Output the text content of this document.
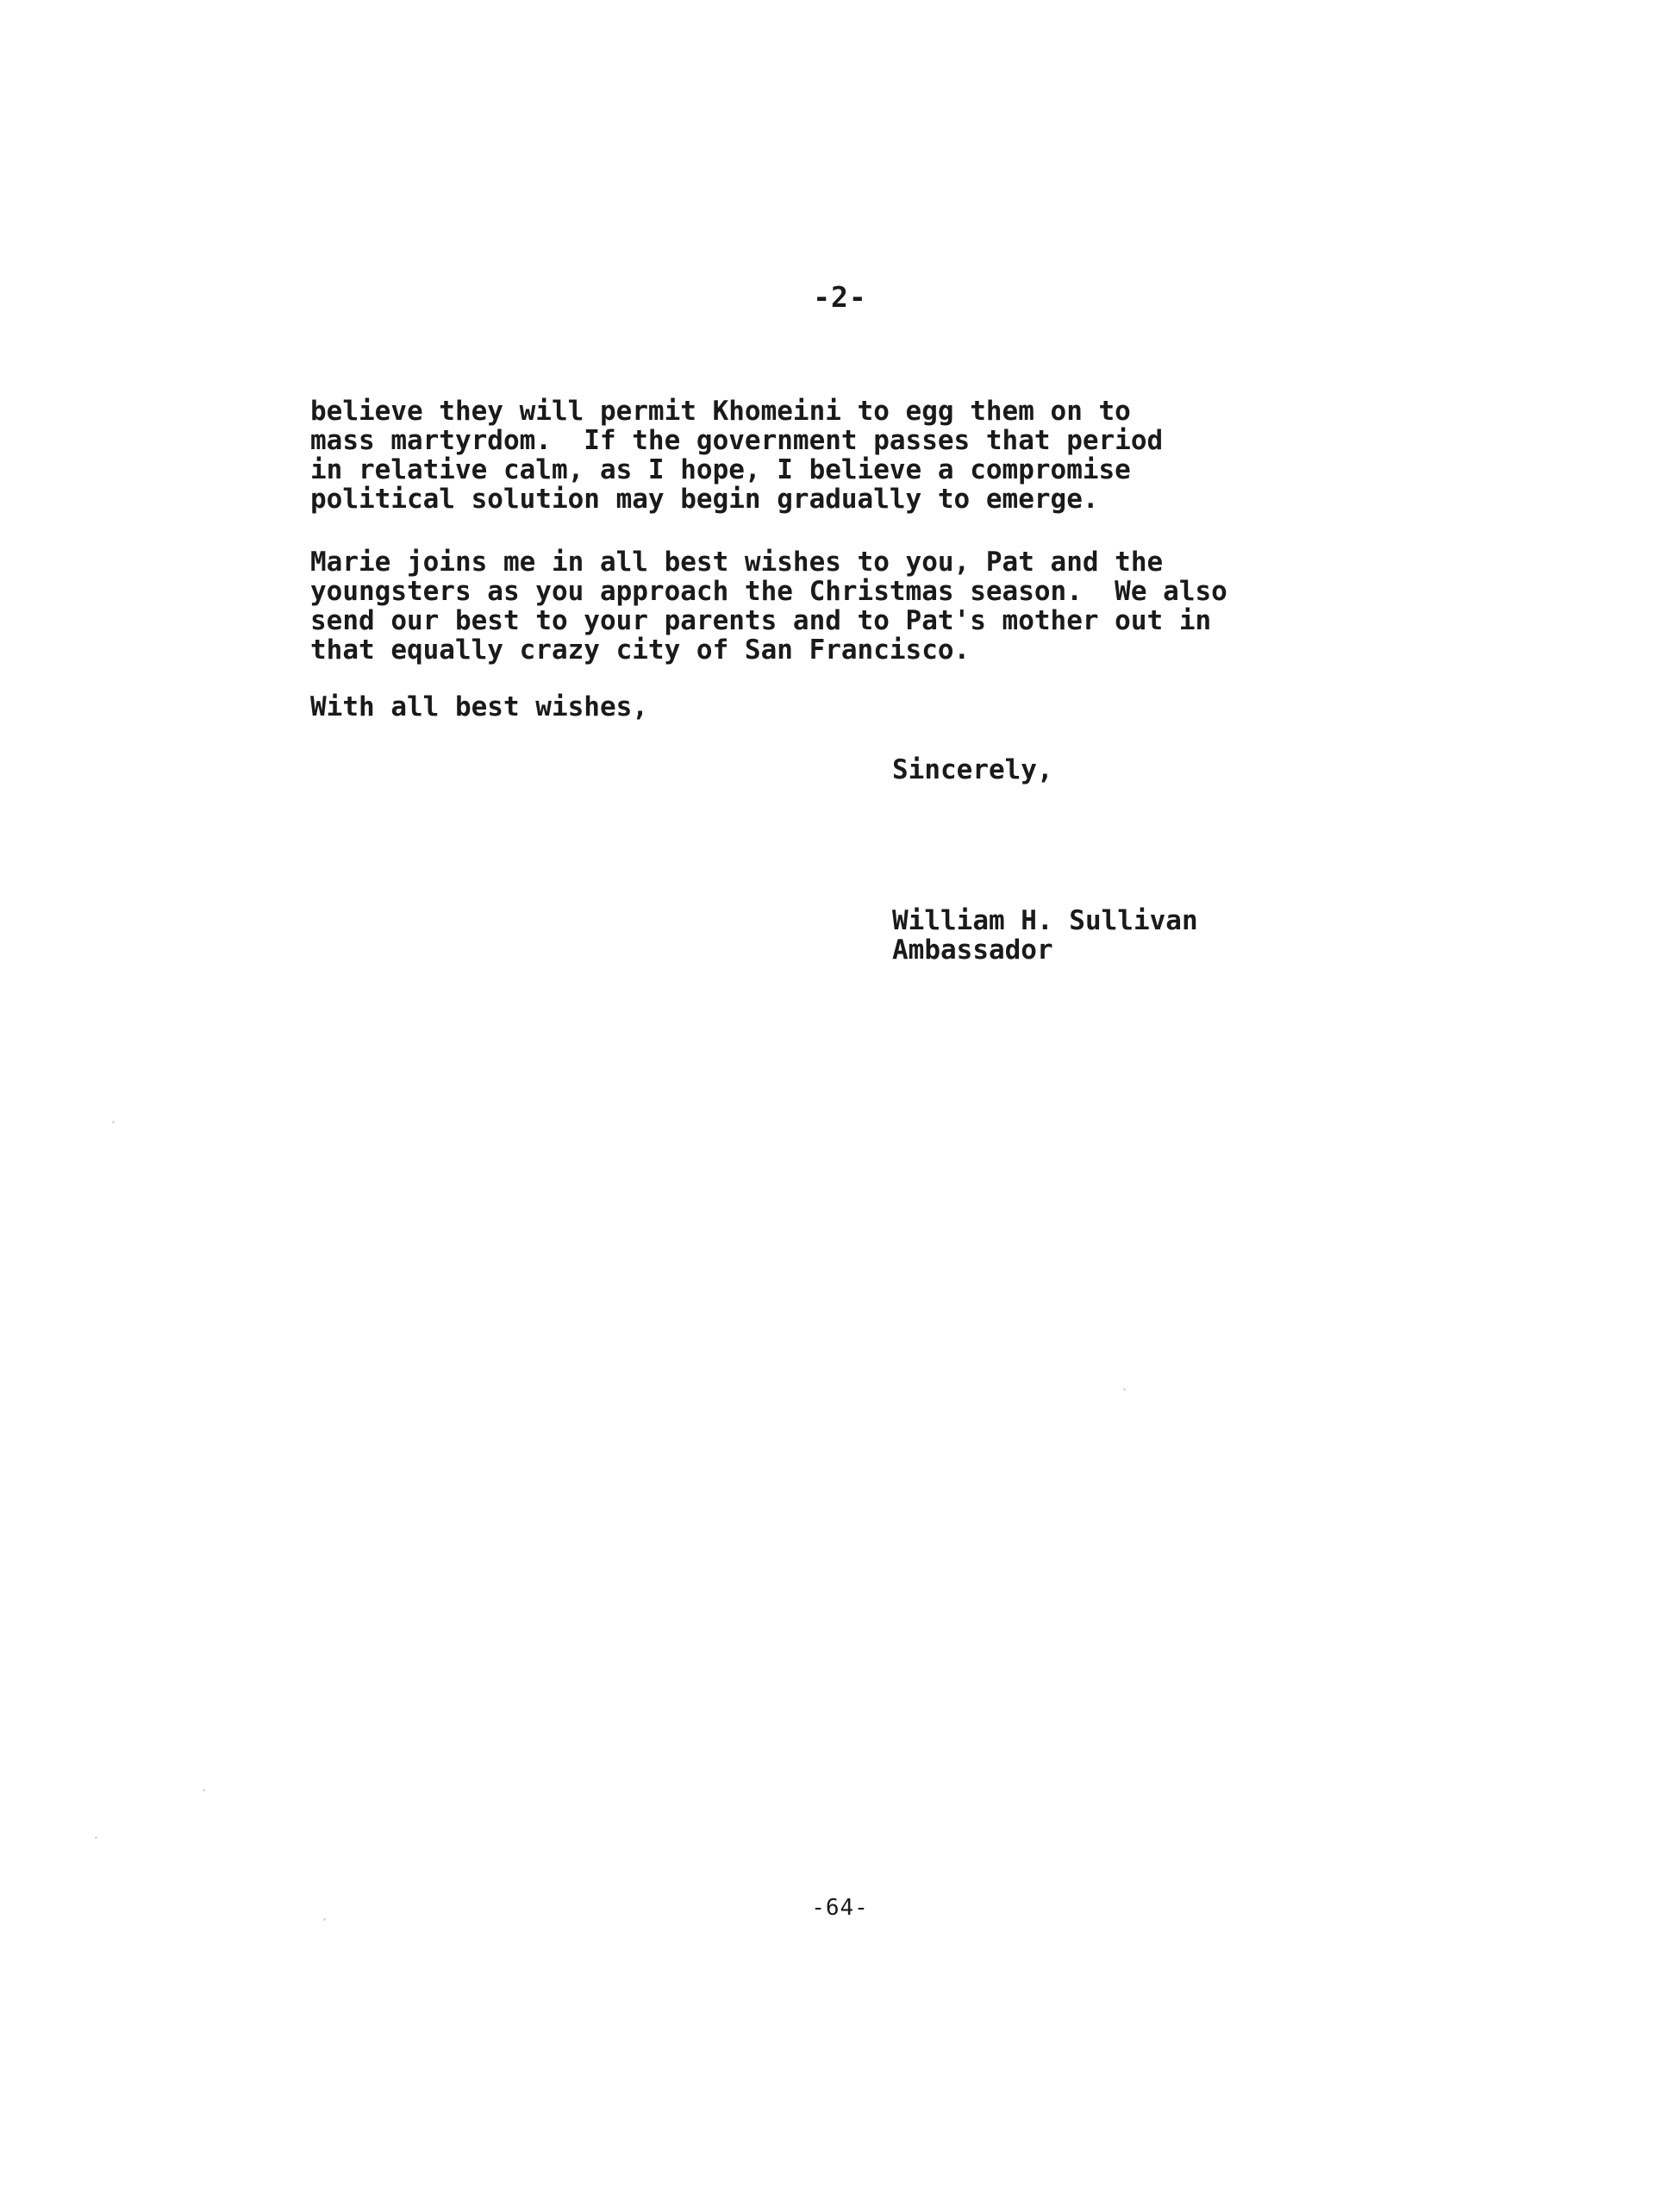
-2-
believe they will permit Khomeini to egg them on to
mass martyrdom.  If the government passes that period
in relative calm, as I hope, I believe a compromise
political solution may begin gradually to emerge.
Marie joins me in all best wishes to you, Pat and the
youngsters as you approach the Christmas season.  We also
send our best to your parents and to Pat's mother out in
that equally crazy city of San Francisco.
With all best wishes,
Sincerely,
William H. Sullivan
Ambassador
-64-
